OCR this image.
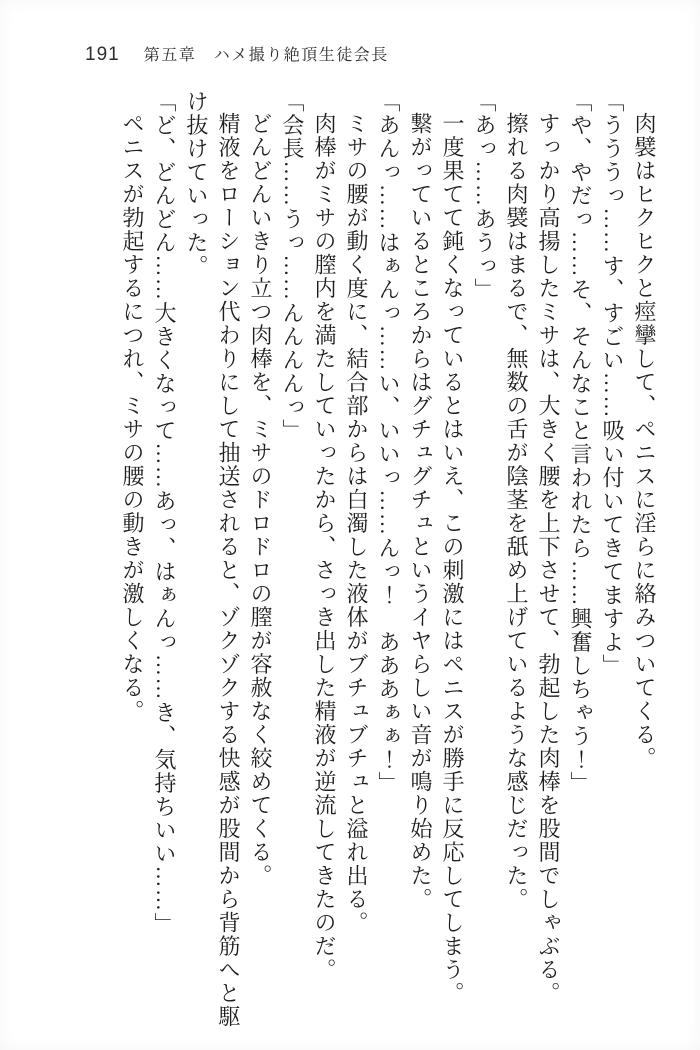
191 第五章　ハメ撮り絶頂生徒会長

肉襞はヒクヒクと痙攣して、ペニスに淫らに絡みついてくる。

「うううっ……す、すごい……吸い付いてきてますよ」

「や、やだっ……そ、そんなこと言われたら……興奮しちゃう！」

すっかり高揚したミサは、大きく腰を上下させて、勃起した肉棒を股間でしゃぶる。

擦れる肉襞はまるで、無数の舌が陰茎を舐め上げているような感じだった。

「あっ……あうっ」

一度果てて鈍くなっているとはいえ、この刺激にはペニスが勝手に反応してしまう。

繋がっているところからはグチュグチュというイヤらしい音が鳴り始めた。

「あんっ……はぁんっ……い、いいっ……んっ！　あああぁぁ！」

ミサの腰が動く度に、結合部からは白濁した液体がブチュブチュと溢れ出る。

肉棒がミサの膣内を満たしていったから、さっき出した精液が逆流してきたのだ。

「会長……うっ……んんんんっ」

どんどんいきり立つ肉棒を、ミサのドロドロの膣が容赦なく絞めてくる。

精液をローション代わりにして抽送されると、ゾクゾクする快感が股間から背筋へと駆け抜けていった。

「ど、どんどん……大きくなって……あっ、はぁんっ……き、気持ちいい……」

ペニスが勃起するにつれ、ミサの腰の動きが激しくなる。
